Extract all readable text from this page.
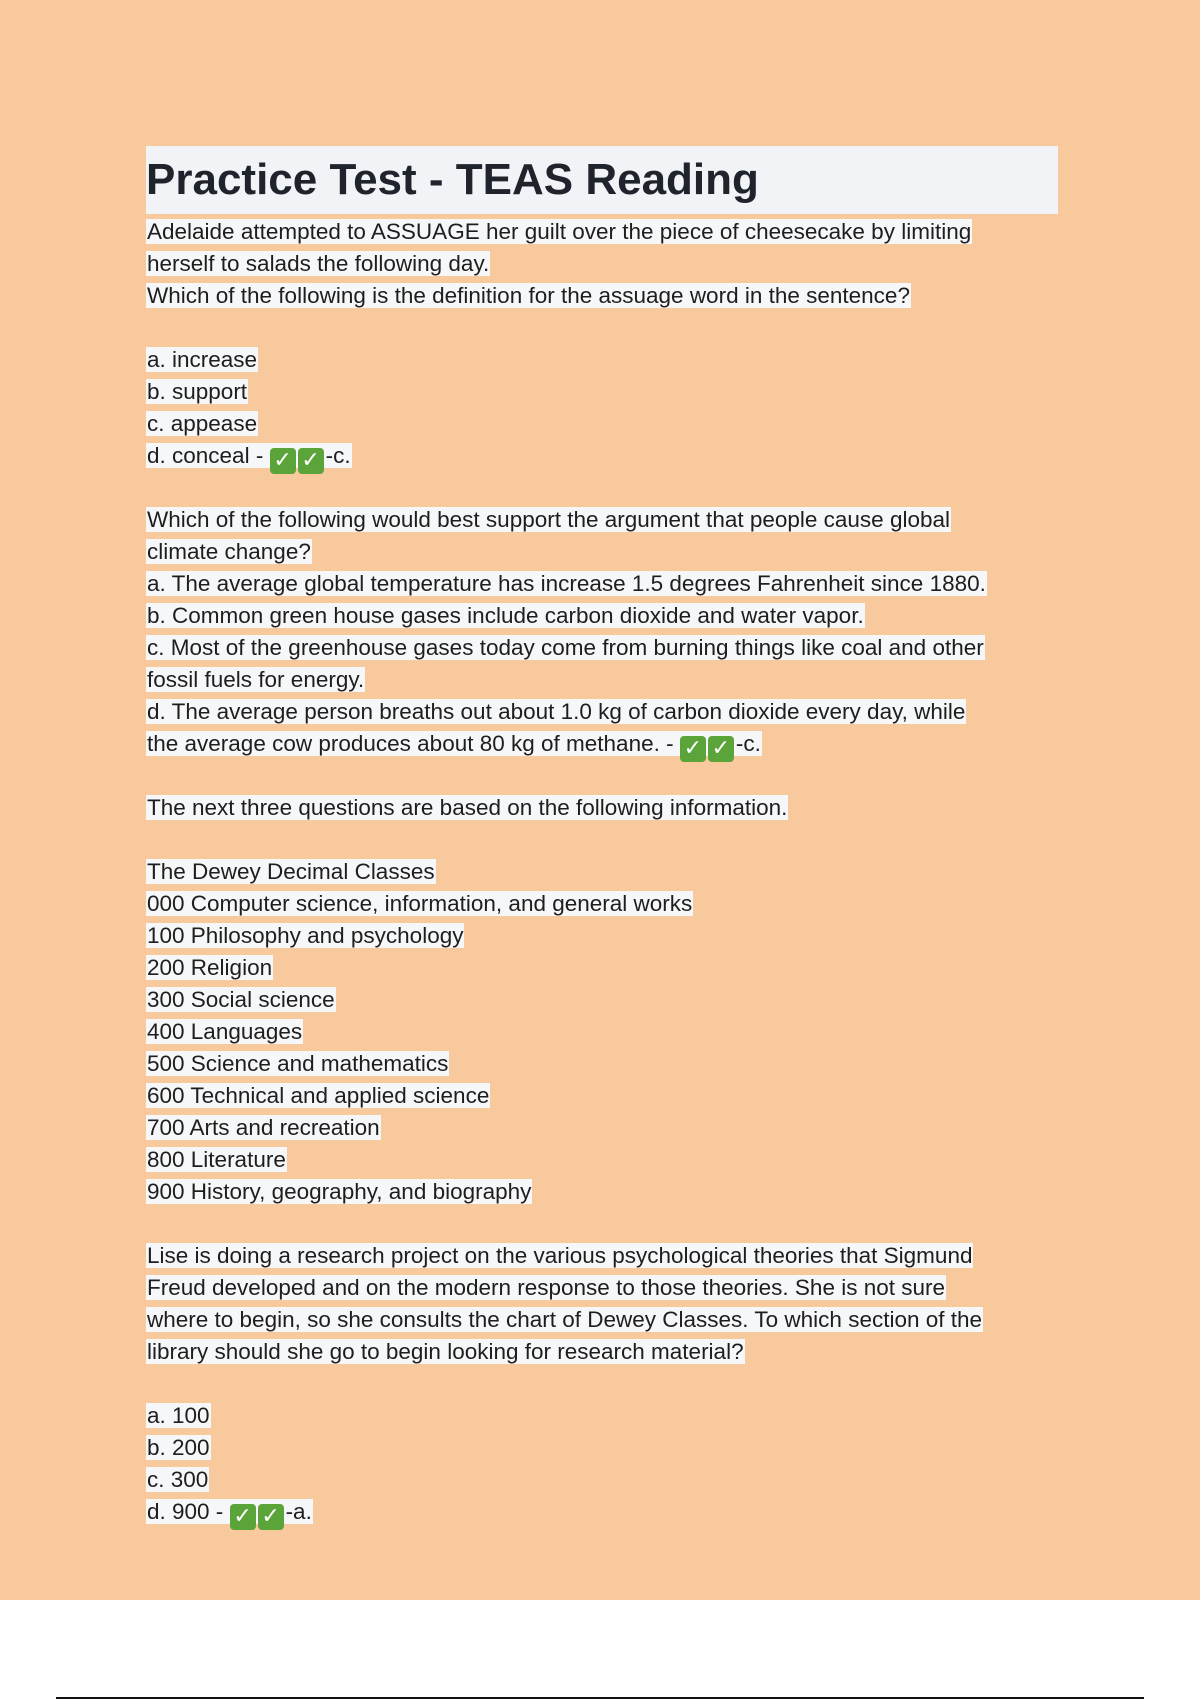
Practice Test - TEAS Reading
Adelaide attempted to ASSUAGE her guilt over the piece of cheesecake by limiting
herself to salads the following day.
Which of the following is the definition for the assuage word in the sentence?
a. increase
b. support
c. appease
d. conceal - ✓ ✓ -c.
Which of the following would best support the argument that people cause global
climate change?
a. The average global temperature has increase 1.5 degrees Fahrenheit since 1880.
b. Common green house gases include carbon dioxide and water vapor.
c. Most of the greenhouse gases today come from burning things like coal and other
fossil fuels for energy.
d. The average person breaths out about 1.0 kg of carbon dioxide every day, while
the average cow produces about 80 kg of methane. - ✓ ✓ -c.
The next three questions are based on the following information.
The Dewey Decimal Classes
000 Computer science, information, and general works
100 Philosophy and psychology
200 Religion
300 Social science
400 Languages
500 Science and mathematics
600 Technical and applied science
700 Arts and recreation
800 Literature
900 History, geography, and biography
Lise is doing a research project on the various psychological theories that Sigmund
Freud developed and on the modern response to those theories. She is not sure
where to begin, so she consults the chart of Dewey Classes. To which section of the
library should she go to begin looking for research material?
a. 100
b. 200
c. 300
d. 900 - ✓ ✓ -a.
